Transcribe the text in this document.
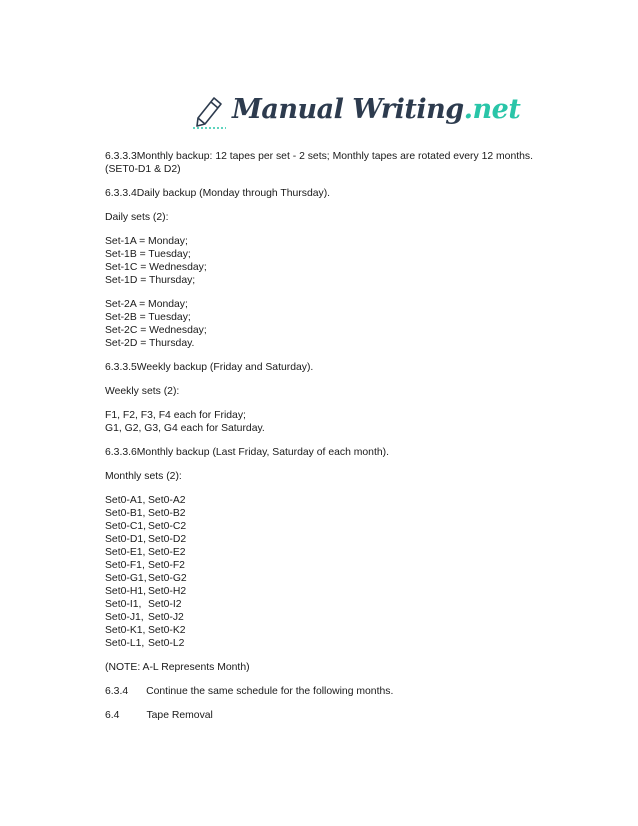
Manual Writing.net
6.3.3.3Monthly backup: 12 tapes per set - 2 sets; Monthly tapes are rotated every 12 months.
(SET0-D1 & D2)
6.3.3.4Daily backup (Monday through Thursday).
Daily sets (2):
Set-1A = Monday;
Set-1B = Tuesday;
Set-1C = Wednesday;
Set-1D = Thursday;
Set-2A = Monday;
Set-2B = Tuesday;
Set-2C = Wednesday;
Set-2D = Thursday.
6.3.3.5Weekly backup (Friday and Saturday).
Weekly sets (2):
F1, F2, F3, F4 each for Friday;
G1, G2, G3, G4 each for Saturday.
6.3.3.6Monthly backup (Last Friday, Saturday of each month).
Monthly sets (2):
Set0-A1, Set0-A2
Set0-B1, Set0-B2
Set0-C1, Set0-C2
Set0-D1, Set0-D2
Set0-E1, Set0-E2
Set0-F1, Set0-F2
Set0-G1, Set0-G2
Set0-H1, Set0-H2
Set0-I1, Set0-I2
Set0-J1, Set0-J2
Set0-K1, Set0-K2
Set0-L1, Set0-L2
(NOTE: A-L Represents Month)
6.3.4 Continue the same schedule for the following months.
6.4	Tape Removal
